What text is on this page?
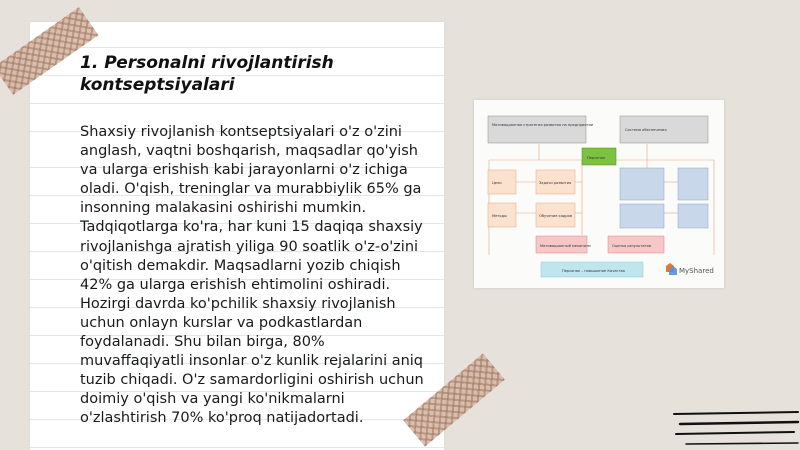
1. Personalni rivojlantirish kontseptsiyalari

Shaxsiy rivojlanish kontseptsiyalari o'z o'zini anglash, vaqtni boshqarish, maqsadlar qo'yish va ularga erishish kabi jarayonlarni o'z ichiga oladi. O'qish, treninglar va murabbiylik 65% ga insonning malakasini oshirishi mumkin. Tadqiqotlarga ko'ra, har kuni 15 daqiqa shaxsiy rivojlanishga ajratish yiliga 90 soatlik o'z-o'zini o'qitish demakdir. Maqsadlarni yozib chiqish 42% ga ularga erishish ehtimolini oshiradi. Hozirgi davrda ko'pchilik shaxsiy rivojlanish uchun onlayn kurslar va podkastlardan foydalanadi. Shu bilan birga, 80% muvaffaqiyatli insonlar o'z kunlik rejalarini aniq tuzib chiqadi. O'z samardorligini oshirish uchun doimiy o'qish va yangi ko'nikmalarni o'zlashtirish 70% ko'proq natijadortadi.

Мотивационная стратегия развития на предприятии
Система обеспечения
Персонал
Цели	Задачи развития
Методы	Обучение кадров
Мотивационный механизм	Оценка результатов
Персонал – повышение Качества	MyShared
